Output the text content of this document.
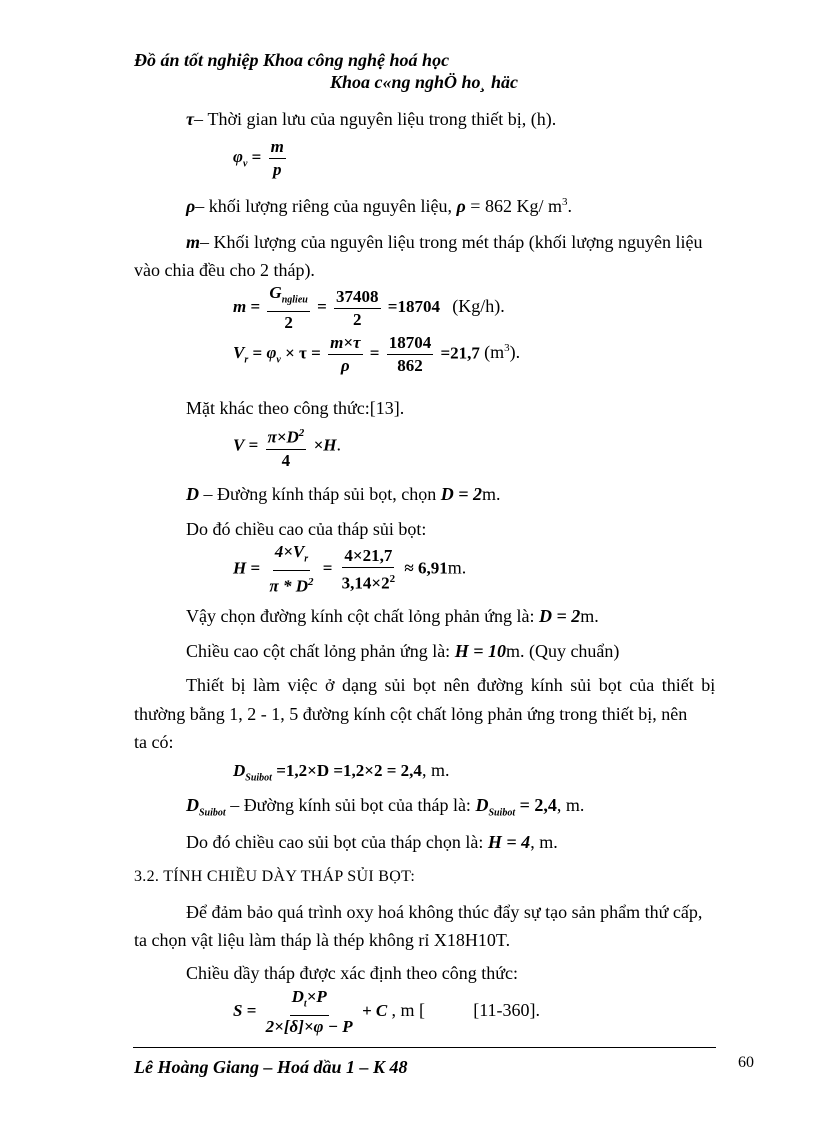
Đồ án tốt nghiệp Khoa công nghệ hoá học
Khoa c«ng nghÖ ho¸ häc
τ– Thời gian lưu của nguyên liệu trong thiết bị, (h).
$\varphi_v = \frac{m}{p}$
ρ– khối lượng riêng của nguyên liệu, ρ = 862 Kg/ $m^3$.
m– Khối lượng của nguyên liệu trong mét tháp (khối lượng nguyên liệu
vào chia đều cho 2 tháp).
$m = \frac{G_{nglieu}}{2} = \frac{37408}{2} =18704$ (Kg/h).
$V_r = \varphi_v \times \tau = \frac{m\times\tau}{\rho} = \frac{18704}{862} =21,7$ $(m^3)$.
Mặt khác theo công thức:[13].
$V = \frac{\pi\times D^2}{4} \times H$.
D – Đường kính tháp sủi bọt, chọn D = 2m.
Do đó chiều cao của tháp sủi bọt:
$H = \frac{4\times V_r}{\pi * D^2} = \frac{4\times 21,7}{3,14\times 2^2} \approx 6,91m$.
Vậy chọn đường kính cột chất lỏng phản ứng là: D = 2m.
Chiều cao cột chất lỏng phản ứng là: H = 10m. (Quy chuẩn)
Thiết bị làm việc ở dạng sủi bọt nên đường kính sủi bọt của thiết bị
thường bằng 1, 2 - 1, 5 đường kính cột chất lỏng phản ứng trong thiết bị, nên
ta có:
$D_{Suibot} =1,2\times D =1,2\times 2 = 2,4$, m.
$D_{Suibot}$ – Đường kính sủi bọt của tháp là: $D_{Suibot} = 2,4$, m.
Do đó chiều cao sủi bọt của tháp chọn là: H = 4, m.
3.2. TÍNH CHIỀU DÀY THÁP SỦI BỌT:
Để đảm bảo quá trình oxy hoá không thúc đẩy sự tạo sản phẩm thứ cấp,
ta chọn vật liệu làm tháp là thép không rỉ X18H10T.
Chiều dầy tháp được xác định theo công thức:
$S = \frac{D_t\times P}{2\times[\delta]\times\varphi - P} + C$ , m [	[11-360].
Lê Hoàng Giang – Hoá dầu 1 – K 48	60
